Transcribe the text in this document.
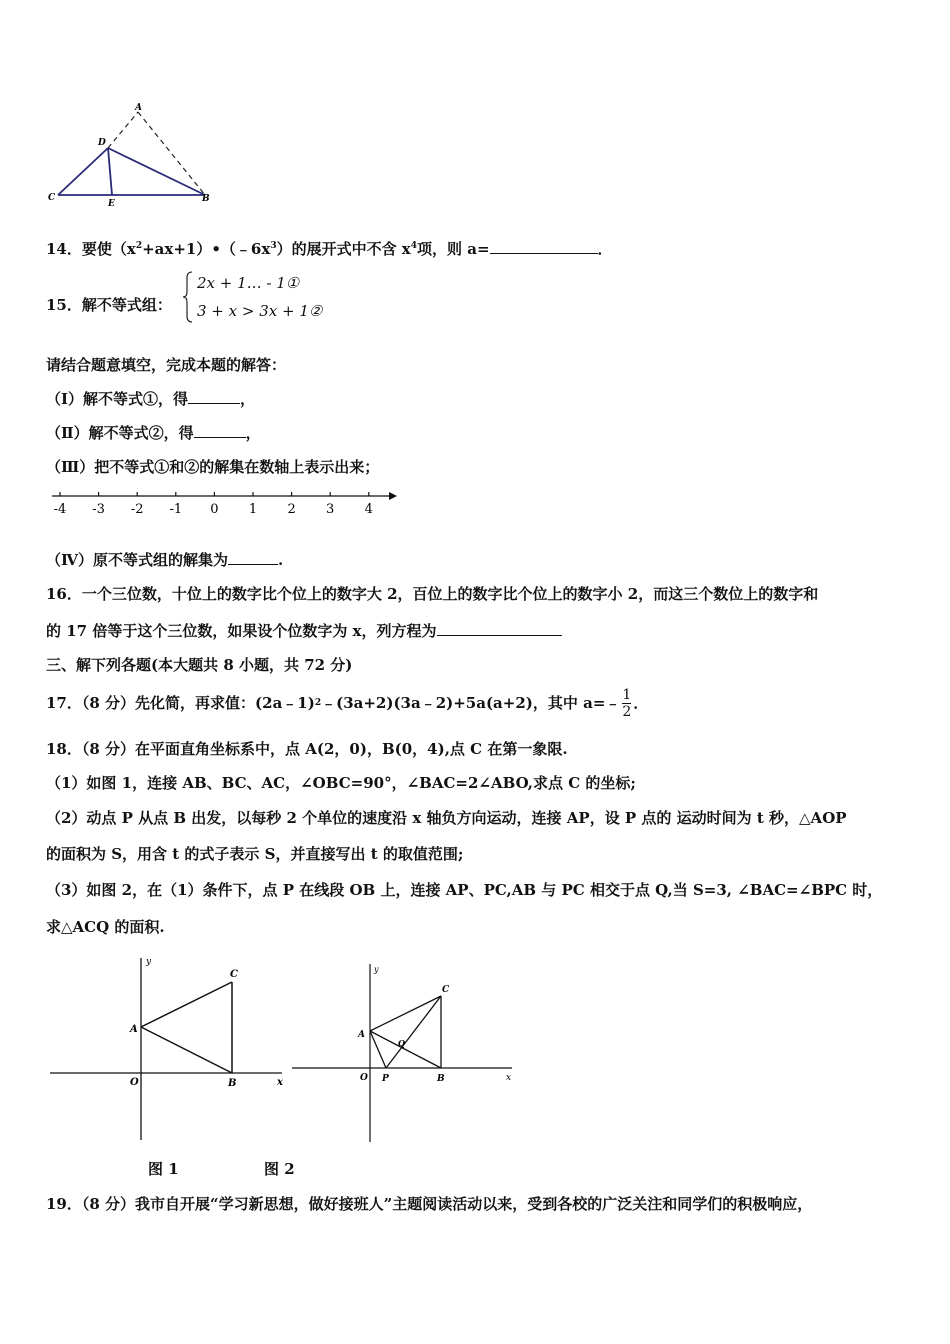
A
D
C
E	B
14．要使$(x^2+ax+1)•(﹣6x^3)$的展开式中不含 $x^4$项，则 a=	．
15．解不等式组：
2x + 1… - 1①
3 + x > 3x + 1②
请结合题意填空，完成本题的解答：
（Ⅰ）解不等式①，得	，
（Ⅱ）解不等式②，得	，
（Ⅲ）把不等式①和②的解集在数轴上表示出来；
-4 -3 -2 -1 0 1 2 3 4
（Ⅳ）原不等式组的解集为	.
16．一个三位数，十位上的数字比个位上的数字大 2，百位上的数字比个位上的数字小 2，而这三个数位上的数字和
的 17 倍等于这个三位数，如果设个位数字为 x，列方程为
三、解下列各题(本大题共 8 小题，共 72 分)
17．（8 分）先化简，再求值：(2a﹣1) 2 ﹣(3a+2)(3a﹣2)+5a(a+2)，其中 a=﹣ $\frac{1}{2}$ ．
18．（8 分）在平面直角坐标系中，点 A(2，0)，B(0，4),点 C 在第一象限.
（1）如图 1，连接 AB、BC、AC，∠OBC=90°，∠BAC=2∠ABO,求点 C 的坐标;
（2）动点 P 从点 B 出发，以每秒 2 个单位的速度沿 x 轴负方向运动，连接 AP，设 P 点的 运动时间为 t 秒，△AOP
的面积为 S，用含 t 的式子表示 S，并直接写出 t 的取值范围;
（3）如图 2，在（1）条件下，点 P 在线段 OB 上，连接 AP、PC,AB 与 PC 相交于点 Q,当 S=3, ∠BAC=∠BPC 时，
求△ACQ 的面积.
y
x
A
O	B
C	y
x
A
O P	B
C
Q
图 1	图 2
19．（8 分）我市自开展“学习新思想，做好接班人”主题阅读活动以来，受到各校的广泛关注和同学们的积极响应，
